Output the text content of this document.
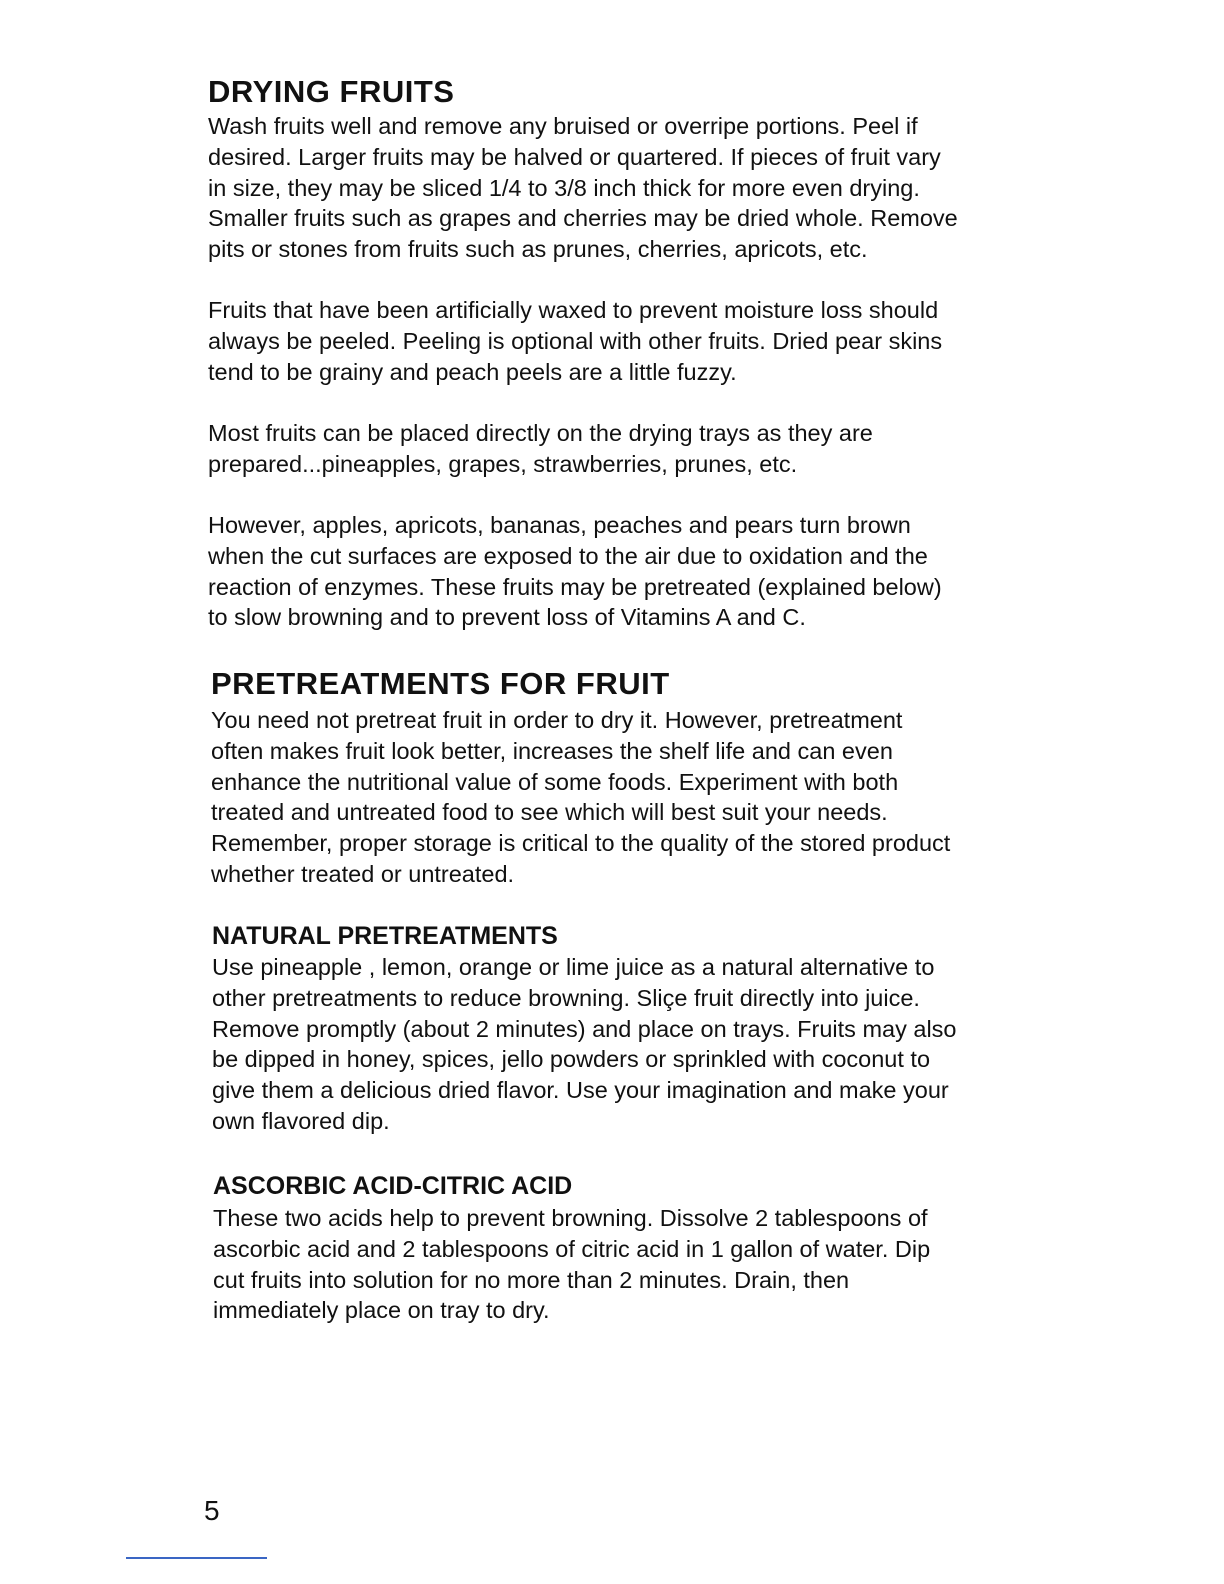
DRYING FRUITS
Wash fruits well and remove any bruised or overripe portions. Peel if
desired. Larger fruits may be halved or quartered. If pieces of fruit vary
in size, they may be sliced 1/4 to 3/8 inch thick for more even drying.
Smaller fruits such as grapes and cherries may be dried whole. Remove
pits or stones from fruits such as prunes, cherries, apricots, etc.
Fruits that have been artificially waxed to prevent moisture loss should
always be peeled. Peeling is optional with other fruits. Dried pear skins
tend to be grainy and peach peels are a little fuzzy.
Most fruits can be placed directly on the drying trays as they are
prepared...pineapples, grapes, strawberries, prunes, etc.
However, apples, apricots, bananas, peaches and pears turn brown
when the cut surfaces are exposed to the air due to oxidation and the
reaction of enzymes. These fruits may be pretreated (explained below)
to slow browning and to prevent loss of Vitamins A and C.
PRETREATMENTS FOR FRUIT
You need not pretreat fruit in order to dry it. However, pretreatment
often makes fruit look better, increases the shelf life and can even
enhance the nutritional value of some foods. Experiment with both
treated and untreated food to see which will best suit your needs.
Remember, proper storage is critical to the quality of the stored product
whether treated or untreated.
NATURAL PRETREATMENTS
Use pineapple , lemon, orange or lime juice as a natural alternative to
other pretreatments to reduce browning. Sliçe fruit directly into juice.
Remove promptly (about 2 minutes) and place on trays. Fruits may also
be dipped in honey, spices, jello powders or sprinkled with coconut to
give them a delicious dried flavor. Use your imagination and make your
own flavored dip.
ASCORBIC ACID-CITRIC ACID
These two acids help to prevent browning. Dissolve 2 tablespoons of
ascorbic acid and 2 tablespoons of citric acid in 1 gallon of water. Dip
cut fruits into solution for no more than 2 minutes. Drain, then
immediately place on tray to dry.
5
